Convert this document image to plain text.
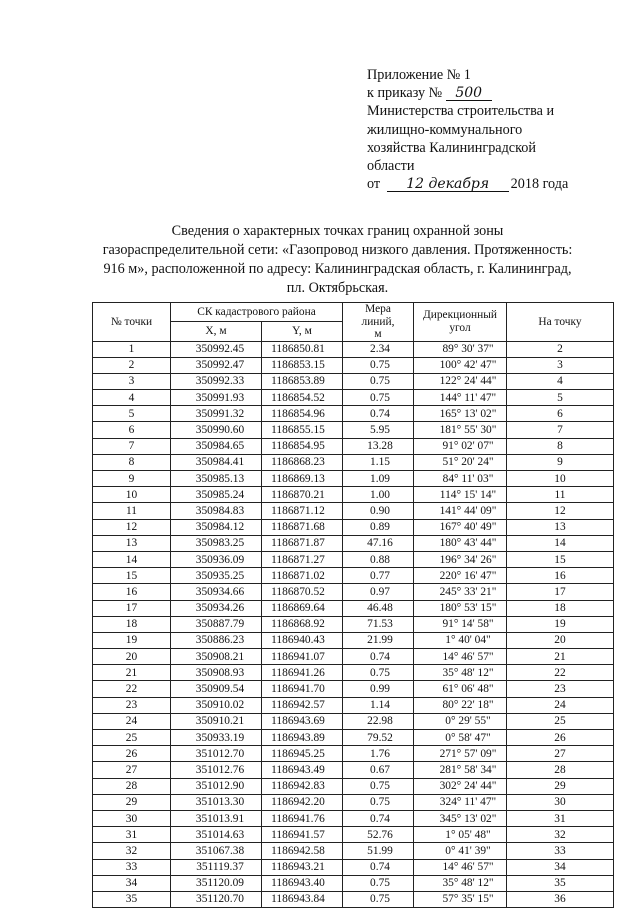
Приложение № 1
к приказу № 500
Министерства строительства и
жилищно-коммунального
хозяйства Калининградской
области
от 12 декабря 2018 года
Сведения о характерных точках границ охранной зоны
газораспределительной сети: «Газопровод низкого давления. Протяженность:
916 м», расположенной по адресу: Калининградская область, г. Калининград,
пл. Октябрьская.
№ точки	СК кадастрового района		Мера линий, м	Дирекционный угол	На точку
	Х, м	Y, м			
1	350992.45	1186850.81	2.34	89° 30' 37"	2
2	350992.47	1186853.15	0.75	100° 42' 47"	3
3	350992.33	1186853.89	0.75	122° 24' 44"	4
4	350991.93	1186854.52	0.75	144° 11' 47"	5
5	350991.32	1186854.96	0.74	165° 13' 02"	6
6	350990.60	1186855.15	5.95	181° 55' 30"	7
7	350984.65	1186854.95	13.28	91° 02' 07"	8
8	350984.41	1186868.23	1.15	51° 20' 24"	9
9	350985.13	1186869.13	1.09	84° 11' 03"	10
10	350985.24	1186870.21	1.00	114° 15' 14"	11
11	350984.83	1186871.12	0.90	141° 44' 09"	12
12	350984.12	1186871.68	0.89	167° 40' 49"	13
13	350983.25	1186871.87	47.16	180° 43' 44"	14
14	350936.09	1186871.27	0.88	196° 34' 26"	15
15	350935.25	1186871.02	0.77	220° 16' 47"	16
16	350934.66	1186870.52	0.97	245° 33' 21"	17
17	350934.26	1186869.64	46.48	180° 53' 15"	18
18	350887.79	1186868.92	71.53	91° 14' 58"	19
19	350886.23	1186940.43	21.99	1° 40' 04"	20
20	350908.21	1186941.07	0.74	14° 46' 57"	21
21	350908.93	1186941.26	0.75	35° 48' 12"	22
22	350909.54	1186941.70	0.99	61° 06' 48"	23
23	350910.02	1186942.57	1.14	80° 22' 18"	24
24	350910.21	1186943.69	22.98	0° 29' 55"	25
25	350933.19	1186943.89	79.52	0° 58' 47"	26
26	351012.70	1186945.25	1.76	271° 57' 09"	27
27	351012.76	1186943.49	0.67	281° 58' 34"	28
28	351012.90	1186942.83	0.75	302° 24' 44"	29
29	351013.30	1186942.20	0.75	324° 11' 47"	30
30	351013.91	1186941.76	0.74	345° 13' 02"	31
31	351014.63	1186941.57	52.76	1° 05' 48"	32
32	351067.38	1186942.58	51.99	0° 41' 39"	33
33	351119.37	1186943.21	0.74	14° 46' 57"	34
34	351120.09	1186943.40	0.75	35° 48' 12"	35
35	351120.70	1186943.84	0.75	57° 35' 15"	36
